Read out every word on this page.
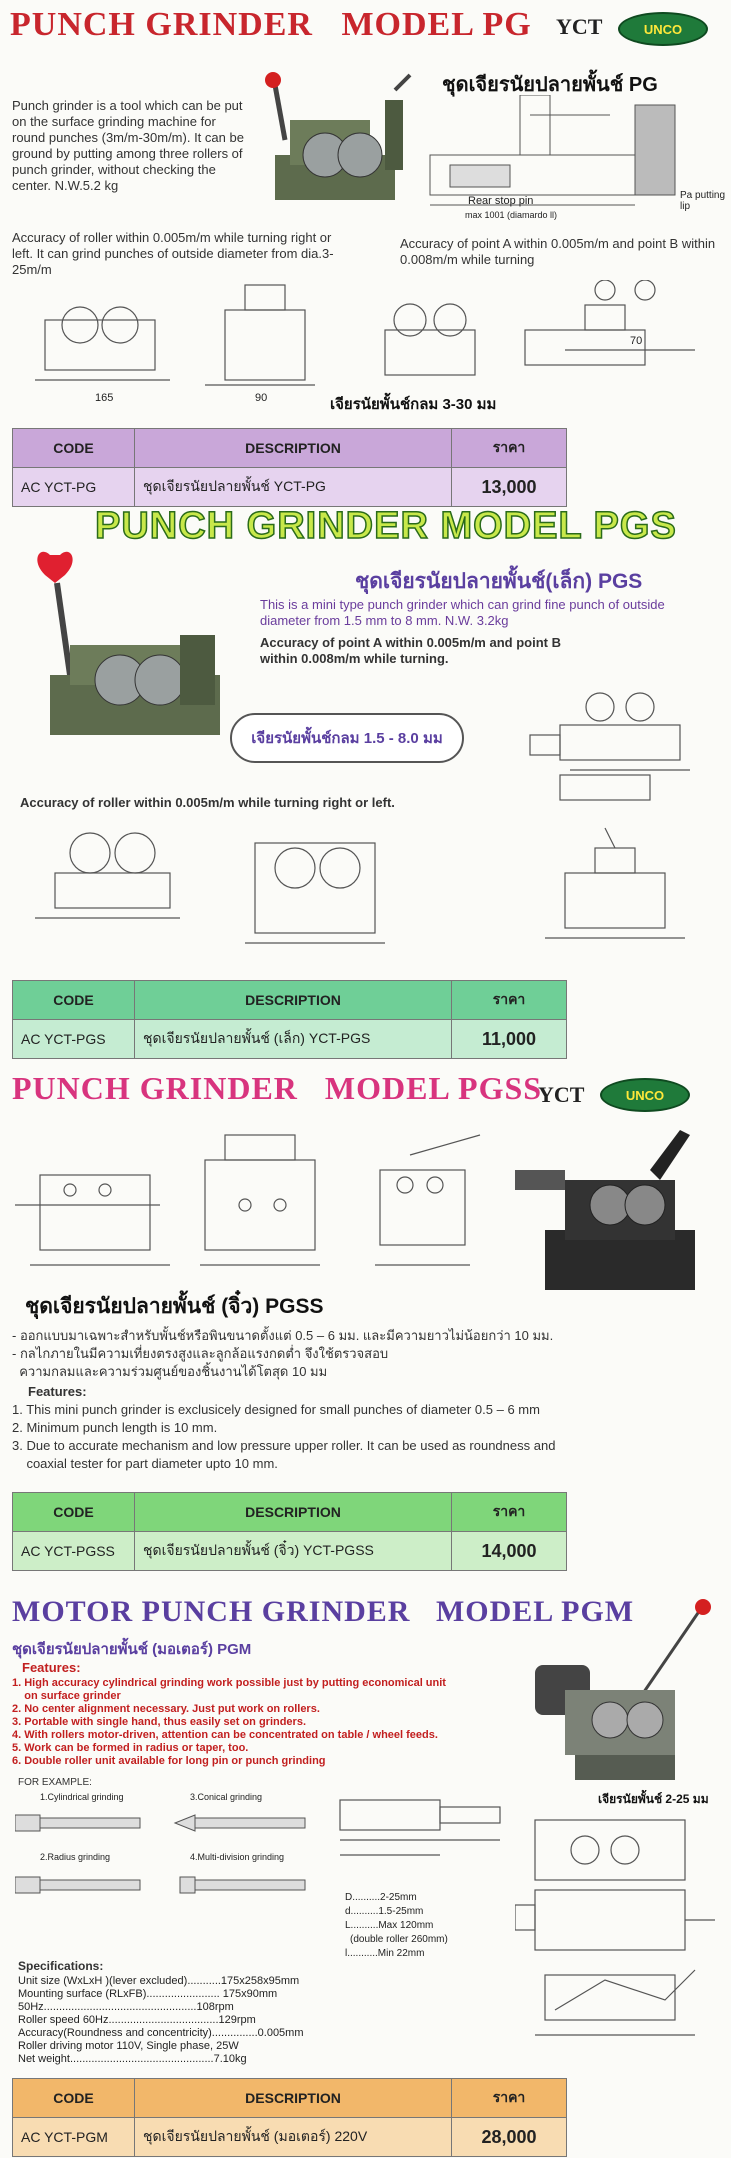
PUNCH GRINDER   MODEL PG YCT	UNCO
ชุดเจียรนัยปลายพั้นช์ PG
Punch grinder is a tool which can be put on the surface grinding machine for round punches (3m/m-30m/m). It can be ground by putting among three rollers of punch grinder, without checking the center. N.W.5.2 kg
Rear stop pin
max 1001 (diamardo ll)
Pa putting lip
Accuracy of roller within 0.005m/m while turning right or left. It can grind punches of outside diameter from dia.3-25m/m
Accuracy of point A within 0.005m/m and point B within 0.008m/m while turning
165	90
70
เจียรนัยพั้นช์กลม 3-30 มม
CODE	DESCRIPTION	ราคา
AC YCT-PG	ชุดเจียรนัยปลายพั้นช์ YCT-PG	13,000
PUNCH GRINDER MODEL PGS
ชุดเจียรนัยปลายพั้นช์(เล็ก) PGS
This is a mini type punch grinder which can grind fine punch of outside diameter from 1.5 mm to 8 mm. N.W. 3.2kg
Accuracy of point A within 0.005m/m and point B within 0.008m/m while turning.
เจียรนัยพั้นช์กลม 1.5 - 8.0 มม
Accuracy of roller within 0.005m/m while turning right or left.
CODE	DESCRIPTION	ราคา
AC YCT-PGS	ชุดเจียรนัยปลายพั้นช์ (เล็ก) YCT-PGS	11,000
PUNCH GRINDER   MODEL PGSS
YCT	UNCO
ชุดเจียรนัยปลายพั้นช์ (จิ๋ว) PGSS
- ออกแบบมาเฉพาะสำหรับพั้นช์หรือพินขนาดตั้งแต่ 0.5 – 6 มม. และมีความยาวไม่น้อยกว่า 10 มม.
- กลไกภายในมีความเที่ยงตรงสูงและลูกล้อแรงกดต่ำ จึงใช้ตรวจสอบ
ความกลมและความร่วมศูนย์ของชิ้นงานได้โตสุด 10 มม
Features:
1. This mini punch grinder is exclusicely designed for small punches of diameter 0.5 – 6 mm
2. Minimum punch length is 10 mm.
3. Due to accurate mechanism and low pressure upper roller. It can be used as roundness and
coaxial tester for part diameter upto 10 mm.
CODE	DESCRIPTION	ราคา
AC YCT-PGSS	ชุดเจียรนัยปลายพั้นช์ (จิ๋ว) YCT-PGSS	14,000
MOTOR PUNCH GRINDER   MODEL PGM
ชุดเจียรนัยปลายพั้นช์ (มอเตอร์) PGM
Features:
1. High accuracy cylindrical grinding work possible just by putting economical unit
on surface grinder
2. No center alignment necessary. Just put work on rollers.
3. Portable with single hand, thus easily set on grinders.
4. With rollers motor-driven, attention can be concentrated on table / wheel feeds.
5. Work can be formed in radius or taper, too.
6. Double roller unit available for long pin or punch grinding
เจียรนัยพั้นช์ 2-25 มม
FOR EXAMPLE:
1.Cylindrical grinding	3.Conical grinding
2.Radius grinding	4.Multi-division grinding
D..........2-25mm
d..........1.5-25mm
L..........Max 120mm
(double roller 260mm)
l...........Min 22mm
Specifications:
Unit size (WxLxH )(lever excluded)...........175x258x95mm
Mounting surface (RLxFB)........................ 175x90mm
50Hz..................................................108rpm
Roller speed 60Hz....................................129rpm
Accuracy(Roundness and concentricity)...............0.005mm
Roller driving motor 110V, Single phase, 25W
Net weight...............................................7.10kg
CODE	DESCRIPTION	ราคา
AC YCT-PGM	ชุดเจียรนัยปลายพั้นช์ (มอเตอร์) 220V	28,000
